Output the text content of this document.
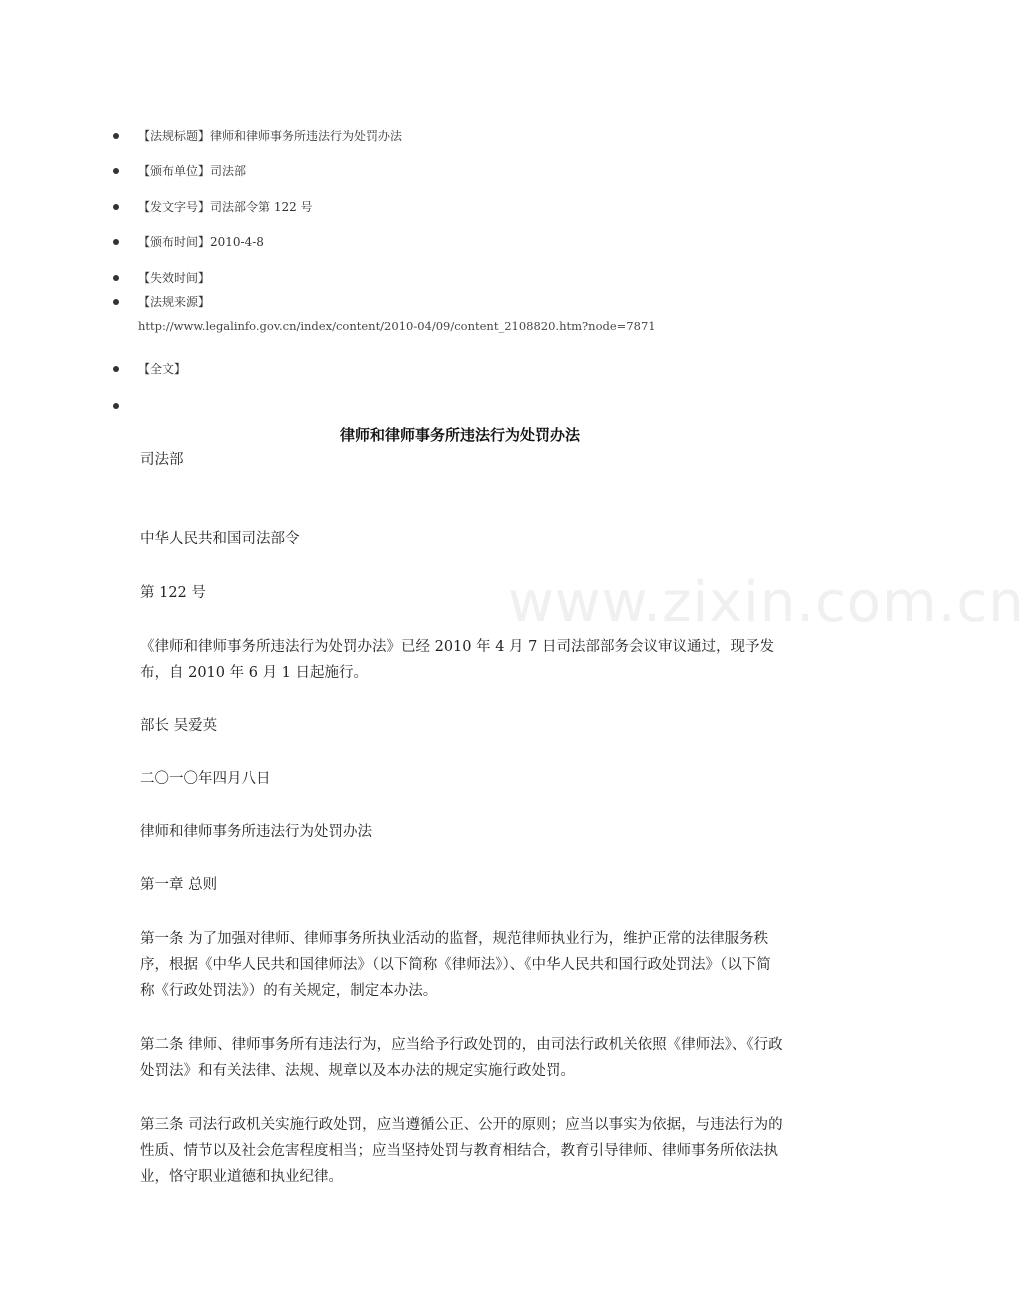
www.zixin.com.cn
【法规标题】律师和律师事务所违法行为处罚办法
【颁布单位】司法部
【发文字号】司法部令第 122 号
【颁布时间】2010-4-8
【失效时间】
【法规来源】
http://www.legalinfo.gov.cn/index/content/2010-04/09/content_2108820.htm?node=7871
【全文】
律师和律师事务所违法行为处罚办法

司法部

中华人民共和国司法部令

第 122 号

《律师和律师事务所违法行为处罚办法》已经 2010 年 4 月 7 日司法部部务会议审议通过，现予发布，自 2010 年 6 月 1 日起施行。

部长 吴爱英

二〇一〇年四月八日

律师和律师事务所违法行为处罚办法

第一章 总则

第一条 为了加强对律师、律师事务所执业活动的监督，规范律师执业行为，维护正常的法律服务秩序，根据《中华人民共和国律师法》（以下简称《律师法》）、《中华人民共和国行政处罚法》（以下简称《行政处罚法》）的有关规定，制定本办法。

第二条 律师、律师事务所有违法行为，应当给予行政处罚的，由司法行政机关依照《律师法》、《行政处罚法》和有关法律、法规、规章以及本办法的规定实施行政处罚。

第三条 司法行政机关实施行政处罚，应当遵循公正、公开的原则；应当以事实为依据，与违法行为的性质、情节以及社会危害程度相当；应当坚持处罚与教育相结合，教育引导律师、律师事务所依法执业，恪守职业道德和执业纪律。
